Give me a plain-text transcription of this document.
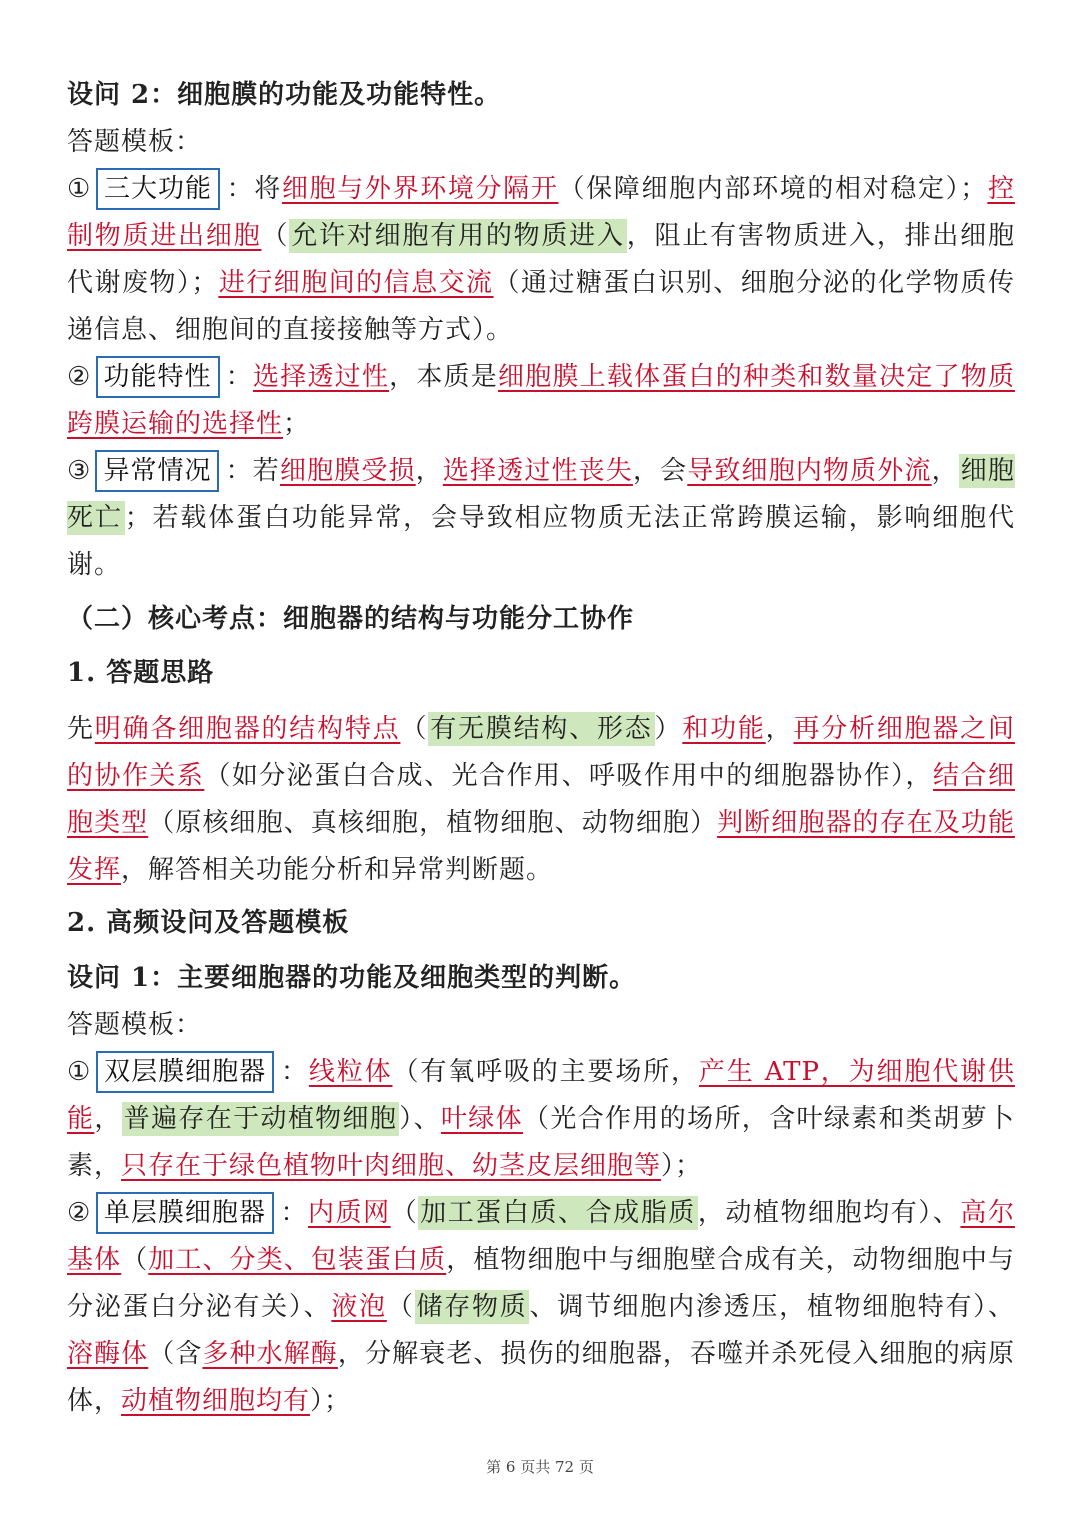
设问 2：细胞膜的功能及功能特性。

答题模板：

① 三大功能 ：将细胞与外界环境分隔开（保障细胞内部环境的相对稳定）；控制物质进出细胞（允许对细胞有用的物质进入，阻止有害物质进入，排出细胞代谢废物）；进行细胞间的信息交流（通过糖蛋白识别、细胞分泌的化学物质传递信息、细胞间的直接接触等方式）。

② 功能特性 ：选择透过性，本质是细胞膜上载体蛋白的种类和数量决定了物质跨膜运输的选择性；

③ 异常情况 ：若细胞膜受损，选择透过性丧失，会导致细胞内物质外流，细胞死亡；若载体蛋白功能异常，会导致相应物质无法正常跨膜运输，影响细胞代谢。

（二）核心考点：细胞器的结构与功能分工协作

1. 答题思路

先明确各细胞器的结构特点（有无膜结构、形态）和功能，再分析细胞器之间的协作关系（如分泌蛋白合成、光合作用、呼吸作用中的细胞器协作），结合细胞类型（原核细胞、真核细胞，植物细胞、动物细胞）判断细胞器的存在及功能发挥，解答相关功能分析和异常判断题。

2. 高频设问及答题模板

设问 1：主要细胞器的功能及细胞类型的判断。

答题模板：

① 双层膜细胞器 ：线粒体（有氧呼吸的主要场所，产生 ATP，为细胞代谢供能，普遍存在于动植物细胞）、叶绿体（光合作用的场所，含叶绿素和类胡萝卜素，只存在于绿色植物叶肉细胞、幼茎皮层细胞等）；

② 单层膜细胞器 ：内质网（加工蛋白质、合成脂质，动植物细胞均有）、高尔基体（加工、分类、包装蛋白质，植物细胞中与细胞壁合成有关，动物细胞中与分泌蛋白分泌有关）、液泡（储存物质、调节细胞内渗透压，植物细胞特有）、溶酶体（含多种水解酶，分解衰老、损伤的细胞器，吞噬并杀死侵入细胞的病原体，动植物细胞均有）；

第 6 页共 72 页
